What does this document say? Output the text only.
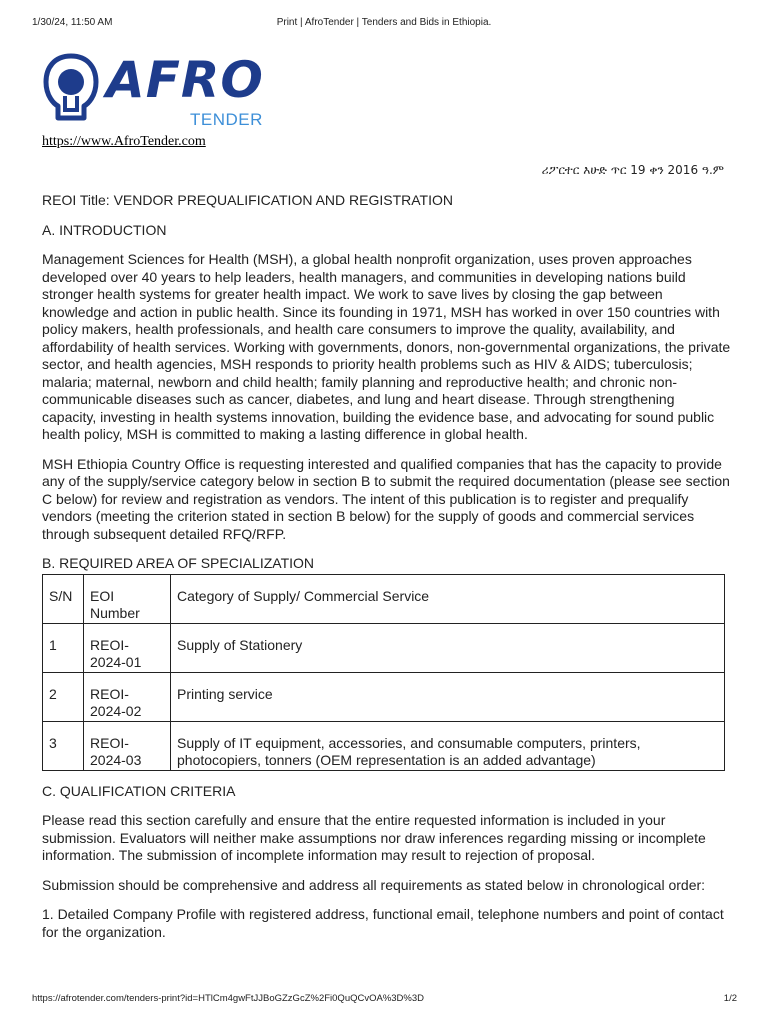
1/30/24, 11:50 AM	Print | AfroTender | Tenders and Bids in Ethiopia.
AFRO
TENDER
https://www.AfroTender.com
ሪፖርተር እሁድ ጥር 19 ቀን 2016 ዓ.ም

REOI Title: VENDOR PREQUALIFICATION AND REGISTRATION

A. INTRODUCTION

Management Sciences for Health (MSH), a global health nonprofit organization, uses proven approaches developed over 40 years to help leaders, health managers, and communities in developing nations build stronger health systems for greater health impact. We work to save lives by closing the gap between knowledge and action in public health. Since its founding in 1971, MSH has worked in over 150 countries with policy makers, health professionals, and health care consumers to improve the quality, availability, and affordability of health services. Working with governments, donors, non-governmental organizations, the private sector, and health agencies, MSH responds to priority health problems such as HIV & AIDS; tuberculosis; malaria; maternal, newborn and child health; family planning and reproductive health; and chronic non-communicable diseases such as cancer, diabetes, and lung and heart disease. Through strengthening capacity, investing in health systems innovation, building the evidence base, and advocating for sound public health policy, MSH is committed to making a lasting difference in global health.

MSH Ethiopia Country Office is requesting interested and qualified companies that has the capacity to provide any of the supply/service category below in section B to submit the required documentation (please see section C below) for review and registration as vendors. The intent of this publication is to register and prequalify vendors (meeting the criterion stated in section B below) for the supply of goods and commercial services through subsequent detailed RFQ/RFP.

B. REQUIRED AREA OF SPECIALIZATION

S/N	EOI Number	Category of Supply/ Commercial Service
1	REOI-2024-01	Supply of Stationery
2	REOI-2024-02	Printing service
3	REOI-2024-03	Supply of IT equipment, accessories, and consumable computers, printers, photocopiers, tonners (OEM representation is an added advantage)

C. QUALIFICATION CRITERIA

Please read this section carefully and ensure that the entire requested information is included in your submission. Evaluators will neither make assumptions nor draw inferences regarding missing or incomplete information. The submission of incomplete information may result to rejection of proposal.

Submission should be comprehensive and address all requirements as stated below in chronological order:

1. Detailed Company Profile with registered address, functional email, telephone numbers and point of contact for the organization.

https://afrotender.com/tenders-print?id=HTlCm4gwFtJJBoGZzGcZ%2Fi0QuQCvOA%3D%3D	1/2
